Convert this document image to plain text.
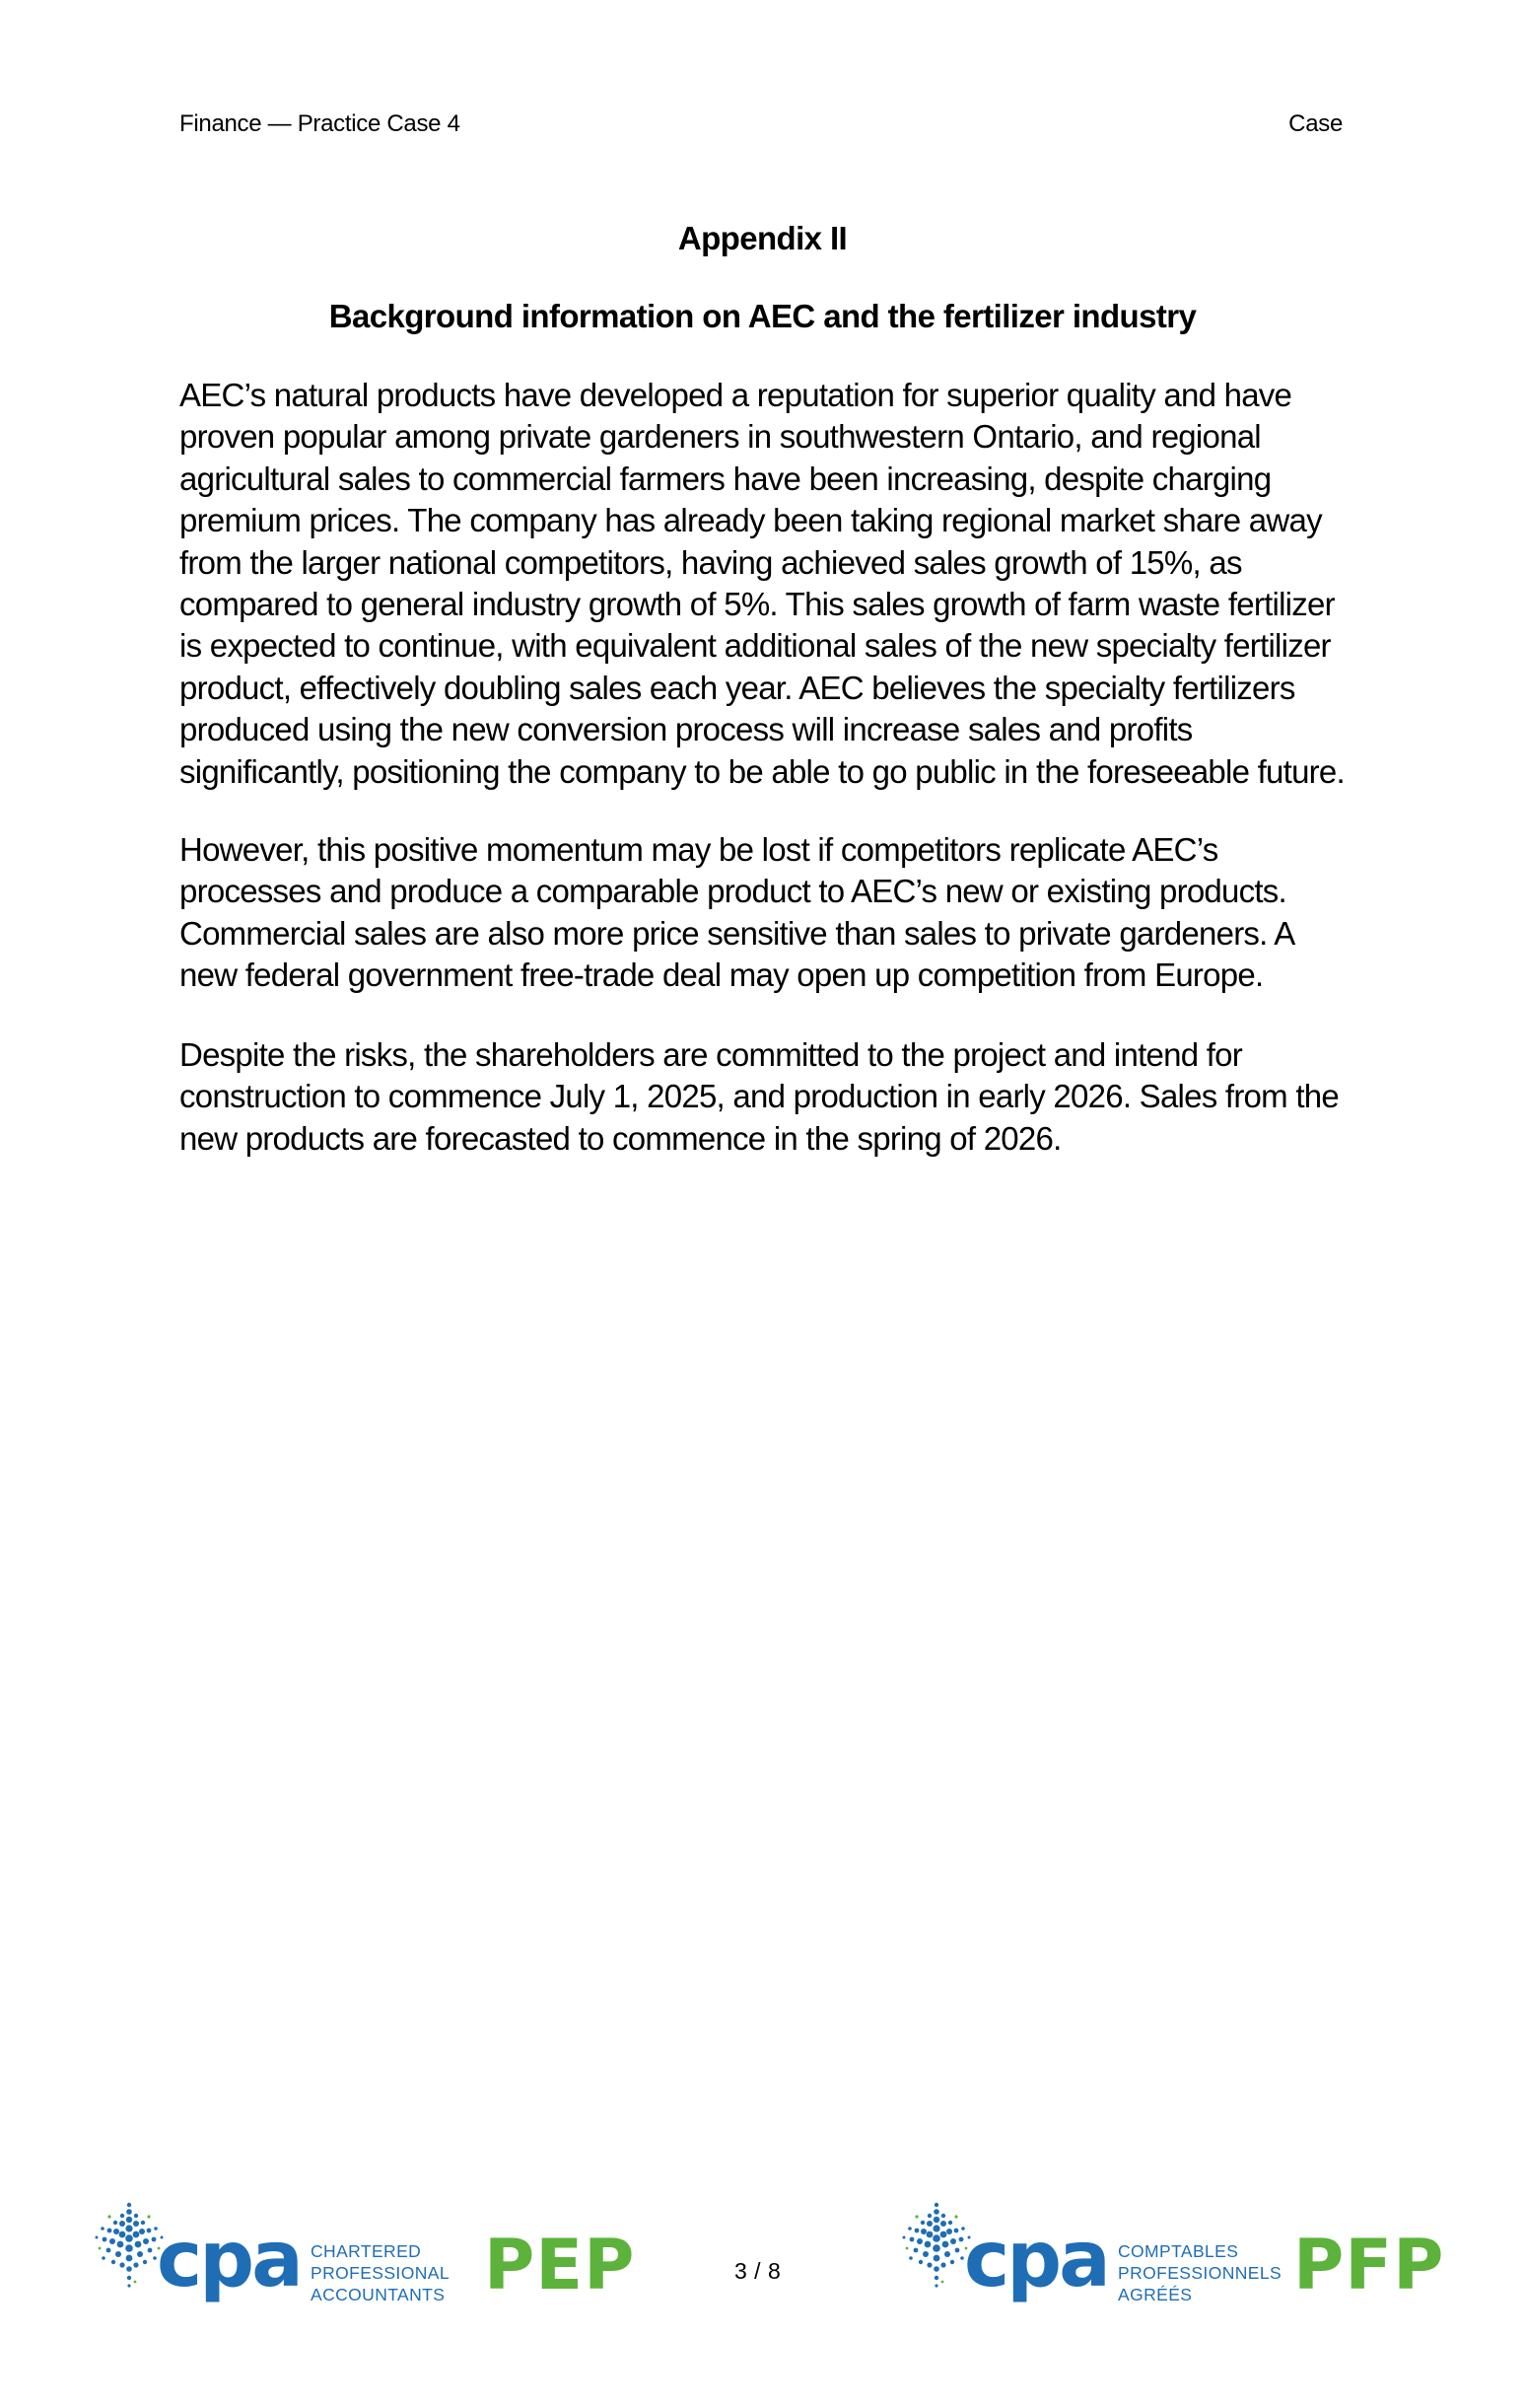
Finance — Practice Case 4	Case
Appendix II
Background information on AEC and the fertilizer industry
AEC’s natural products have developed a reputation for superior quality and have proven popular among private gardeners in southwestern Ontario, and regional agricultural sales to commercial farmers have been increasing, despite charging premium prices. The company has already been taking regional market share away from the larger national competitors, having achieved sales growth of 15%, as compared to general industry growth of 5%. This sales growth of farm waste fertilizer is expected to continue, with equivalent additional sales of the new specialty fertilizer product, effectively doubling sales each year. AEC believes the specialty fertilizers produced using the new conversion process will increase sales and profits significantly, positioning the company to be able to go public in the foreseeable future.
However, this positive momentum may be lost if competitors replicate AEC’s processes and produce a comparable product to AEC’s new or existing products. Commercial sales are also more price sensitive than sales to private gardeners. A new federal government free-trade deal may open up competition from Europe.
Despite the risks, the shareholders are committed to the project and intend for construction to commence July 1, 2025, and production in early 2026. Sales from the new products are forecasted to commence in the spring of 2026.
cpa CHARTERED
PROFESSIONAL
ACCOUNTANTS PEP	cpa COMPTABLES
PROFESSIONNELS
AGRÉÉS	PFP
3 / 8
